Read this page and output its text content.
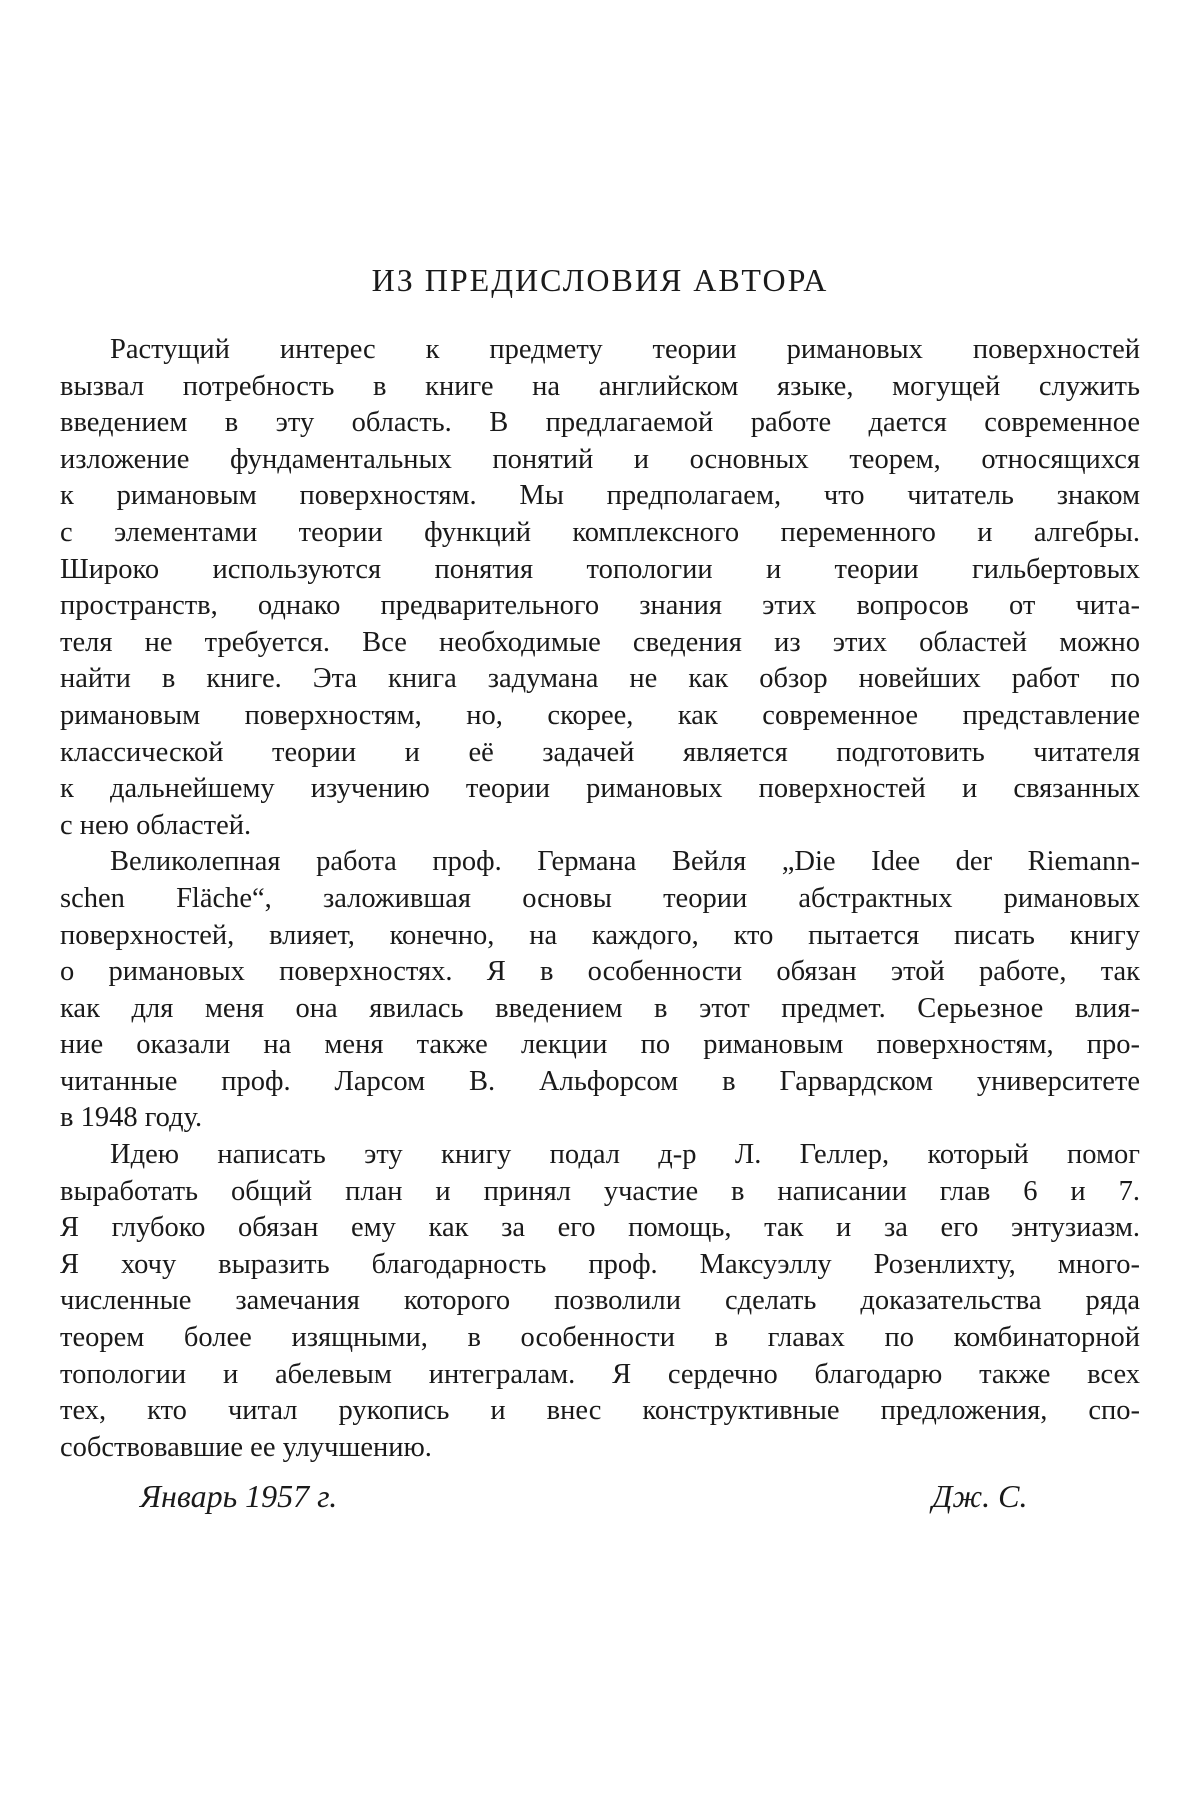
ИЗ ПРЕДИСЛОВИЯ АВТОРА
Растущий интерес к предмету теории римановых поверхностей
вызвал потребность в книге на английском языке, могущей служить
введением в эту область. В предлагаемой работе дается современное
изложение фундаментальных понятий и основных теорем, относящихся
к римановым поверхностям. Мы предполагаем, что читатель знаком
с элементами теории функций комплексного переменного и алгебры.
Широко используются понятия топологии и теории гильбертовых
пространств, однако предварительного знания этих вопросов от чита-
теля не требуется. Все необходимые сведения из этих областей можно
найти в книге. Эта книга задумана не как обзор новейших работ по
римановым поверхностям, но, скорее, как современное представление
классической теории и её задачей является подготовить читателя
к дальнейшему изучению теории римановых поверхностей и связанных
с нею областей.
Великолепная работа проф. Германа Вейля „Die Idee der Riemann-
schen Fläche“, заложившая основы теории абстрактных римановых
поверхностей, влияет, конечно, на каждого, кто пытается писать книгу
о римановых поверхностях. Я в особенности обязан этой работе, так
как для меня она явилась введением в этот предмет. Серьезное влия-
ние оказали на меня также лекции по римановым поверхностям, про-
читанные проф. Ларсом В. Альфорсом в Гарвардском университете
в 1948 году.
Идею написать эту книгу подал д-р Л. Геллер, который помог
выработать общий план и принял участие в написании глав 6 и 7.
Я глубоко обязан ему как за его помощь, так и за его энтузиазм.
Я хочу выразить благодарность проф. Максуэллу Розенлихту, много-
численные замечания которого позволили сделать доказательства ряда
теорем более изящными, в особенности в главах по комбинаторной
топологии и абелевым интегралам. Я сердечно благодарю также всех
тех, кто читал рукопись и внес конструктивные предложения, спо-
собствовавшие ее улучшению.
Январь 1957 г.	Дж. С.
